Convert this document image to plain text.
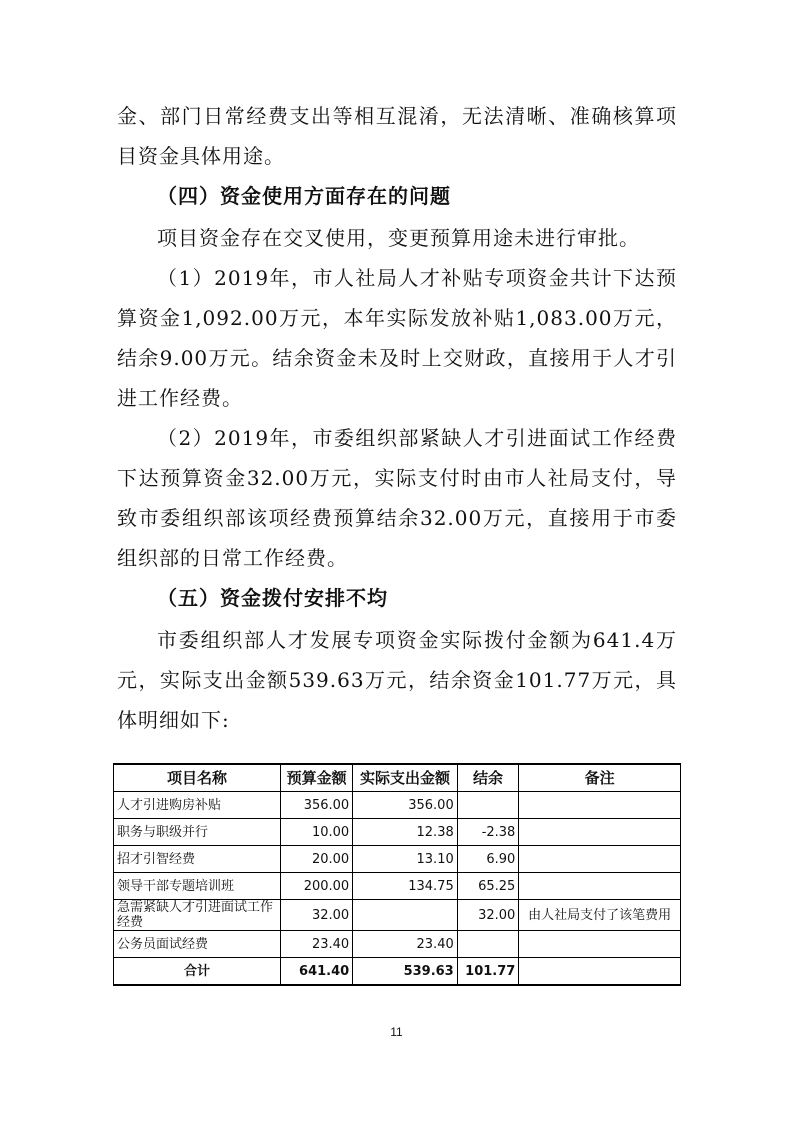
金、部门日常经费支出等相互混淆，无法清晰、准确核算项目资金具体用途。

（四）资金使用方面存在的问题

项目资金存在交叉使用，变更预算用途未进行审批。

（1）2019年，市人社局人才补贴专项资金共计下达预算资金1,092.00万元，本年实际发放补贴1,083.00万元，结余9.00万元。结余资金未及时上交财政，直接用于人才引进工作经费。

（2）2019年，市委组织部紧缺人才引进面试工作经费下达预算资金32.00万元，实际支付时由市人社局支付，导致市委组织部该项经费预算结余32.00万元，直接用于市委组织部的日常工作经费。

（五）资金拨付安排不均

市委组织部人才发展专项资金实际拨付金额为641.4万元，实际支出金额539.63万元，结余资金101.77万元，具体明细如下:

项目名称	预算金额	实际支出金额	结余	备注
人才引进购房补贴	356.00	356.00		
职务与职级并行	10.00	12.38	-2.38	
招才引智经费	20.00	13.10	6.90	
领导干部专题培训班	200.00	134.75	65.25	
急需紧缺人才引进面试工作经费	32.00		32.00	由人社局支付了该笔费用
公务员面试经费	23.40	23.40		
合计	641.40	539.63	101.77	
11
